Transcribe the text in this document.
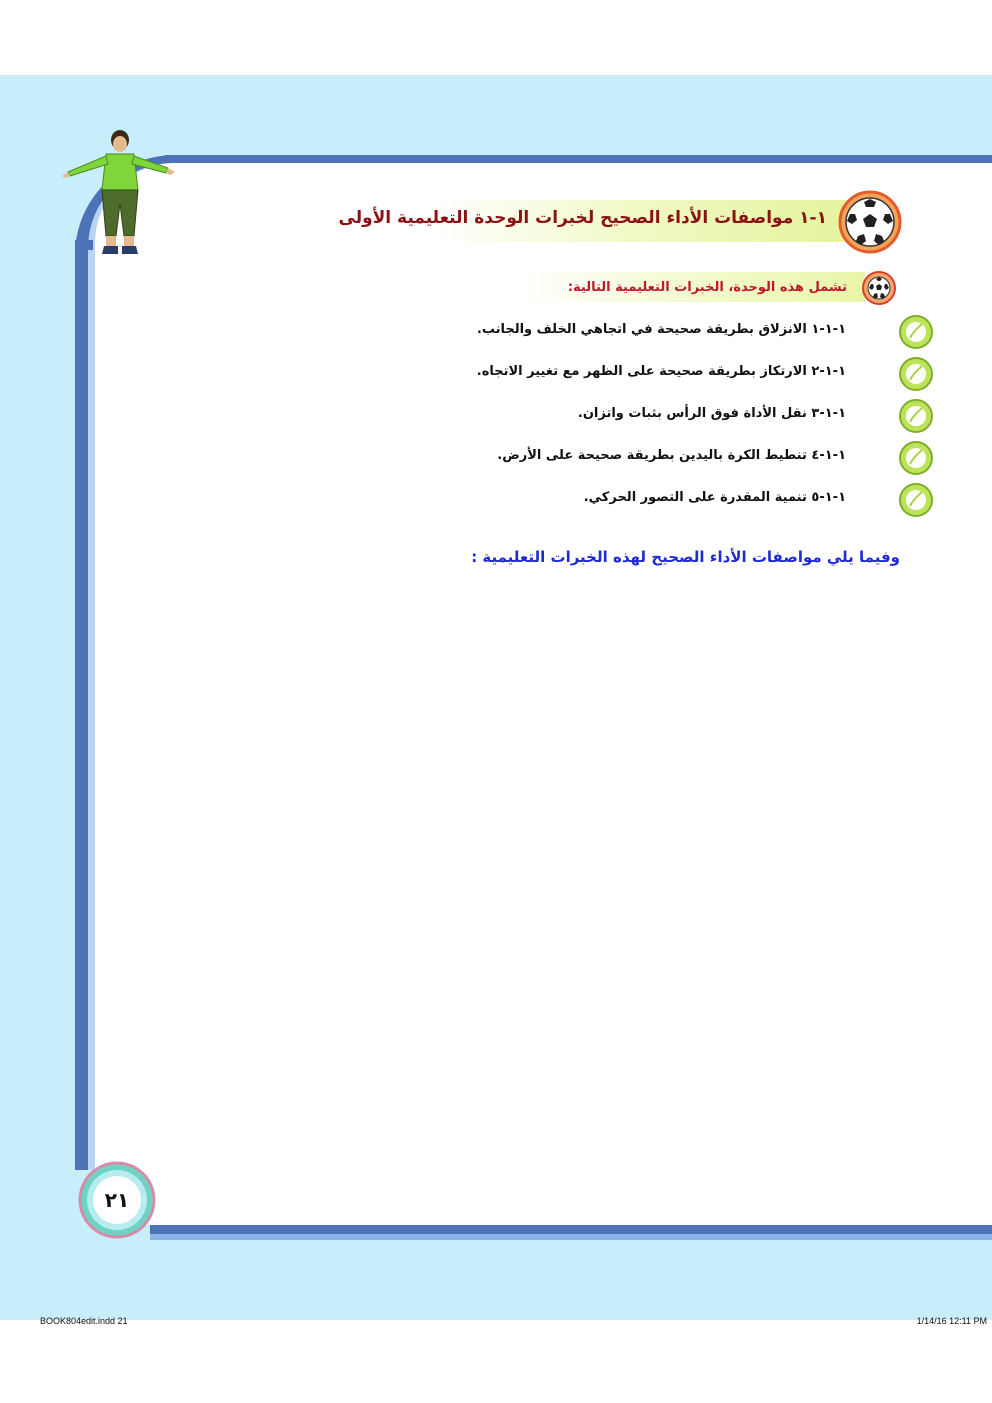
١-١ مواصفات الأداء الصحيح لخبرات الوحدة التعليمية الأولى
تشمل هذه الوحدة، الخبرات التعليمية التالية:
١-١-١ الانزلاق بطريقة صحيحة في اتجاهي الخلف والجانب.
١-١-٢ الارتكاز بطريقة صحيحة على الظهر مع تغيير الاتجاه.
١-١-٣ نقل الأداة فوق الرأس بثبات واتزان.
١-١-٤ تنطيط الكرة باليدين بطريقة صحيحة على الأرض.
١-١-٥ تنمية المقدرة على التصور الحركي.
وفيما يلي مواصفات الأداء الصحيح لهذه الخبرات التعليمية :
٢١
BOOK804edit.indd 21	1/14/16 12:11 PM
